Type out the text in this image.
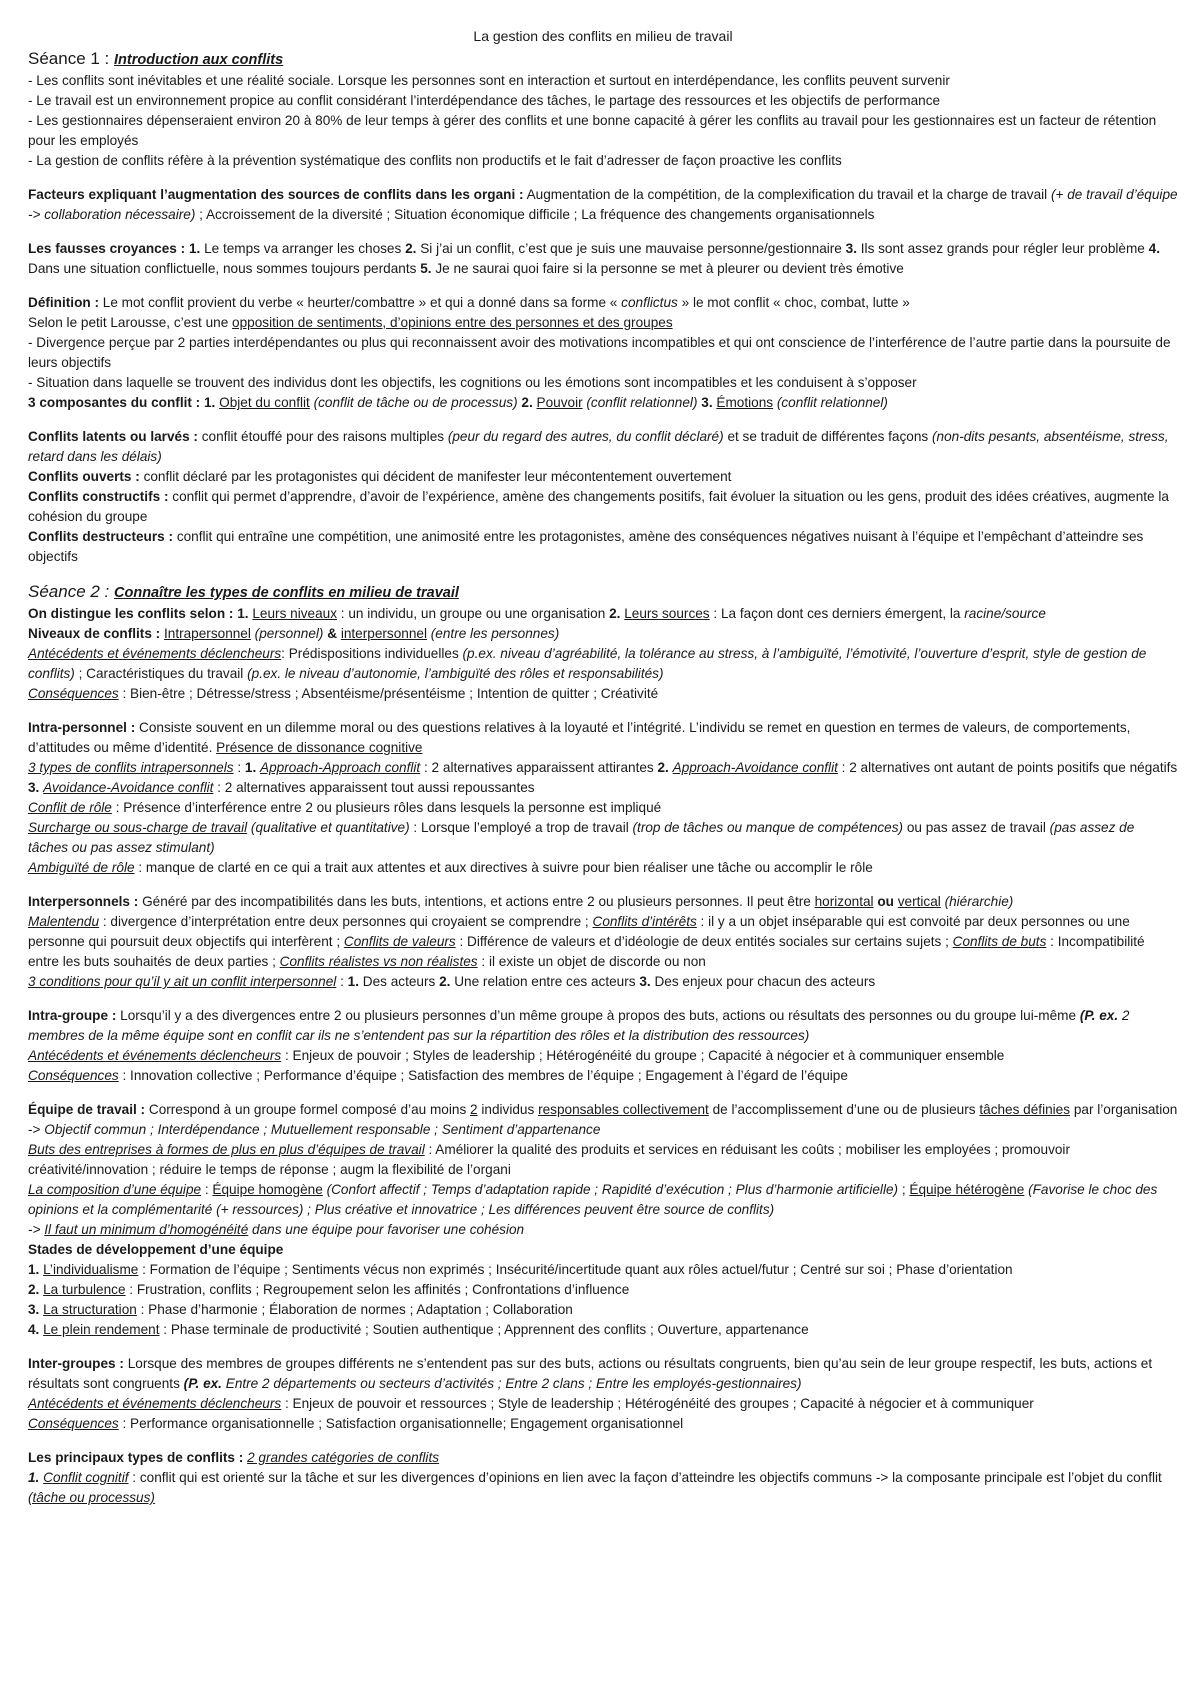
La gestion des conflits en milieu de travail
Séance 1 : Introduction aux conflits

- Les conflits sont inévitables et une réalité sociale. Lorsque les personnes sont en interaction et surtout en interdépendance, les conflits peuvent survenir

- Le travail est un environnement propice au conflit considérant l’interdépendance des tâches, le partage des ressources et les objectifs de performance

- Les gestionnaires dépenseraient environ 20 à 80% de leur temps à gérer des conflits et une bonne capacité à gérer les conflits au travail pour les gestionnaires est un facteur de rétention pour les employés

- La gestion de conflits réfère à la prévention systématique des conflits non productifs et le fait d’adresser de façon proactive les conflits

Facteurs expliquant l’augmentation des sources de conflits dans les organi : Augmentation de la compétition, de la complexification du travail et la charge de travail (+ de travail d’équipe -> collaboration nécessaire) ; Accroissement de la diversité ; Situation économique difficile ; La fréquence des changements organisationnels

Les fausses croyances : 1. Le temps va arranger les choses 2. Si j’ai un conflit, c’est que je suis une mauvaise personne/gestionnaire 3. Ils sont assez grands pour régler leur problème 4. Dans une situation conflictuelle, nous sommes toujours perdants 5. Je ne saurai quoi faire si la personne se met à pleurer ou devient très émotive

Définition : Le mot conflit provient du verbe « heurter/combattre » et qui a donné dans sa forme « conflictus » le mot conflit « choc, combat, lutte »

Selon le petit Larousse, c’est une opposition de sentiments, d’opinions entre des personnes et des groupes

- Divergence perçue par 2 parties interdépendantes ou plus qui reconnaissent avoir des motivations incompatibles et qui ont conscience de l’interférence de l’autre partie dans la poursuite de leurs objectifs

- Situation dans laquelle se trouvent des individus dont les objectifs, les cognitions ou les émotions sont incompatibles et les conduisent à s’opposer

3 composantes du conflit : 1. Objet du conflit (conflit de tâche ou de processus) 2. Pouvoir (conflit relationnel) 3. Émotions (conflit relationnel)

Conflits latents ou larvés : conflit étouffé pour des raisons multiples (peur du regard des autres, du conflit déclaré) et se traduit de différentes façons (non-dits pesants, absentéisme, stress, retard dans les délais)

Conflits ouverts : conflit déclaré par les protagonistes qui décident de manifester leur mécontentement ouvertement

Conflits constructifs : conflit qui permet d’apprendre, d’avoir de l’expérience, amène des changements positifs, fait évoluer la situation ou les gens, produit des idées créatives, augmente la cohésion du groupe

Conflits destructeurs : conflit qui entraîne une compétition, une animosité entre les protagonistes, amène des conséquences négatives nuisant à l’équipe et l’empêchant d’atteindre ses objectifs

Séance 2 : Connaître les types de conflits en milieu de travail

On distingue les conflits selon : 1. Leurs niveaux : un individu, un groupe ou une organisation 2. Leurs sources : La façon dont ces derniers émergent, la racine/source

Niveaux de conflits : Intrapersonnel (personnel) & interpersonnel (entre les personnes)

Antécédents et événements déclencheurs: Prédispositions individuelles (p.ex. niveau d’agréabilité, la tolérance au stress, à l’ambiguïté, l’émotivité, l’ouverture d’esprit, style de gestion de conflits) ; Caractéristiques du travail (p.ex. le niveau d’autonomie, l’ambiguïté des rôles et responsabilités)

Conséquences : Bien-être ; Détresse/stress ; Absentéisme/présentéisme ; Intention de quitter ; Créativité

Intra-personnel : Consiste souvent en un dilemme moral ou des questions relatives à la loyauté et l’intégrité. L’individu se remet en question en termes de valeurs, de comportements, d’attitudes ou même d’identité. Présence de dissonance cognitive

3 types de conflits intrapersonnels : 1. Approach-Approach conflit : 2 alternatives apparaissent attirantes 2. Approach-Avoidance conflit : 2 alternatives ont autant de points positifs que négatifs 3. Avoidance-Avoidance conflit : 2 alternatives apparaissent tout aussi repoussantes

Conflit de rôle : Présence d’interférence entre 2 ou plusieurs rôles dans lesquels la personne est impliqué

Surcharge ou sous-charge de travail (qualitative et quantitative) : Lorsque l’employé a trop de travail (trop de tâches ou manque de compétences) ou pas assez de travail (pas assez de tâches ou pas assez stimulant)

Ambiguïté de rôle : manque de clarté en ce qui a trait aux attentes et aux directives à suivre pour bien réaliser une tâche ou accomplir le rôle

Interpersonnels : Généré par des incompatibilités dans les buts, intentions, et actions entre 2 ou plusieurs personnes. Il peut être horizontal ou vertical (hiérarchie)

Malentendu : divergence d’interprétation entre deux personnes qui croyaient se comprendre ; Conflits d’intérêts : il y a un objet inséparable qui est convoité par deux personnes ou une personne qui poursuit deux objectifs qui interfèrent ; Conflits de valeurs : Différence de valeurs et d’idéologie de deux entités sociales sur certains sujets ; Conflits de buts : Incompatibilité entre les buts souhaités de deux parties ; Conflits réalistes vs non réalistes : il existe un objet de discorde ou non

3 conditions pour qu’il y ait un conflit interpersonnel : 1. Des acteurs 2. Une relation entre ces acteurs 3. Des enjeux pour chacun des acteurs

Intra-groupe : Lorsqu’il y a des divergences entre 2 ou plusieurs personnes d’un même groupe à propos des buts, actions ou résultats des personnes ou du groupe lui-même (P. ex. 2 membres de la même équipe sont en conflit car ils ne s’entendent pas sur la répartition des rôles et la distribution des ressources)

Antécédents et événements déclencheurs : Enjeux de pouvoir ; Styles de leadership ; Hétérogénéité du groupe ; Capacité à négocier et à communiquer ensemble

Conséquences : Innovation collective ; Performance d’équipe ; Satisfaction des membres de l’équipe ; Engagement à l’égard de l’équipe

Équipe de travail : Correspond à un groupe formel composé d’au moins 2 individus responsables collectivement de l’accomplissement d’une ou de plusieurs tâches définies par l’organisation -> Objectif commun ; Interdépendance ; Mutuellement responsable ; Sentiment d’appartenance

Buts des entreprises à formes de plus en plus d’équipes de travail : Améliorer la qualité des produits et services en réduisant les coûts ; mobiliser les employées ; promouvoir créativité/innovation ; réduire le temps de réponse ; augm la flexibilité de l’organi

La composition d’une équipe : Équipe homogène (Confort affectif ; Temps d’adaptation rapide ; Rapidité d’exécution ; Plus d’harmonie artificielle) ; Équipe hétérogène (Favorise le choc des opinions et la complémentarité (+ ressources) ; Plus créative et innovatrice ; Les différences peuvent être source de conflits)

-> Il faut un minimum d’homogénéité dans une équipe pour favoriser une cohésion

Stades de développement d’une équipe

1. L’individualisme : Formation de l’équipe ; Sentiments vécus non exprimés ; Insécurité/incertitude quant aux rôles actuel/futur ; Centré sur soi ; Phase d’orientation

2. La turbulence : Frustration, conflits ; Regroupement selon les affinités ; Confrontations d’influence

3. La structuration : Phase d’harmonie ; Élaboration de normes ; Adaptation ; Collaboration

4. Le plein rendement : Phase terminale de productivité ; Soutien authentique ; Apprennent des conflits ; Ouverture, appartenance

Inter-groupes : Lorsque des membres de groupes différents ne s’entendent pas sur des buts, actions ou résultats congruents, bien qu’au sein de leur groupe respectif, les buts, actions et résultats sont congruents (P. ex. Entre 2 départements ou secteurs d’activités ; Entre 2 clans ; Entre les employés-gestionnaires)

Antécédents et événements déclencheurs : Enjeux de pouvoir et ressources ; Style de leadership ; Hétérogénéité des groupes ; Capacité à négocier et à communiquer

Conséquences : Performance organisationnelle ; Satisfaction organisationnelle; Engagement organisationnel

Les principaux types de conflits : 2 grandes catégories de conflits

1. Conflit cognitif : conflit qui est orienté sur la tâche et sur les divergences d’opinions en lien avec la façon d’atteindre les objectifs communs -> la composante principale est l’objet du conflit (tâche ou processus)
